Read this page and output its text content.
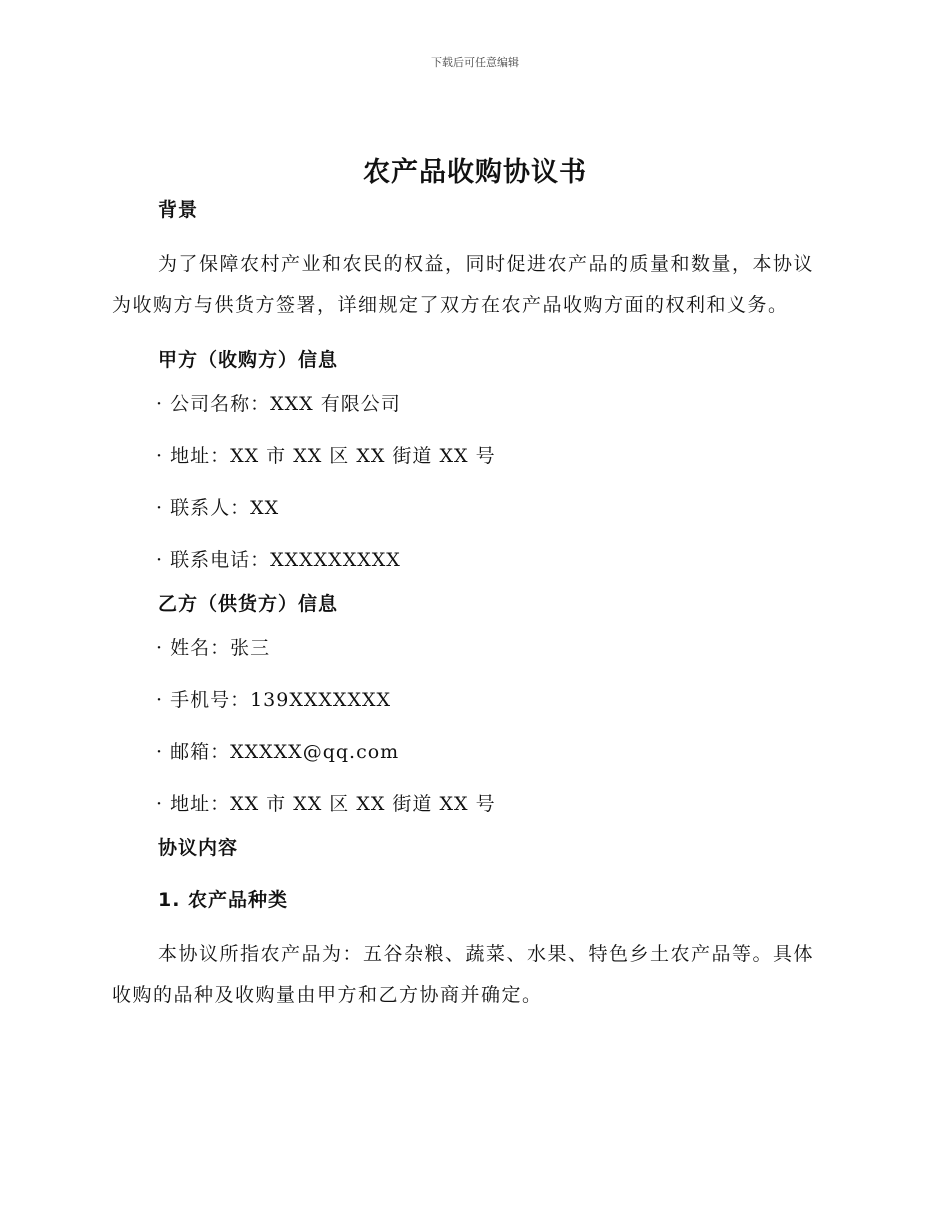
下载后可任意编辑
农产品收购协议书
背景

为了保障农村产业和农民的权益，同时促进农产品的质量和数量，本协议为收购方与供货方签署，详细规定了双方在农产品收购方面的权利和义务。

甲方（收购方）信息
· 公司名称：XXX 有限公司
· 地址：XX 市 XX 区 XX 街道 XX 号
· 联系人：XX
· 联系电话：XXXXXXXXX
乙方（供货方）信息
· 姓名：张三
· 手机号：139XXXXXXX
· 邮箱：XXXXX@qq.com
· 地址：XX 市 XX 区 XX 街道 XX 号
协议内容
1. 农产品种类

本协议所指农产品为：五谷杂粮、蔬菜、水果、特色乡土农产品等。具体收购的品种及收购量由甲方和乙方协商并确定。
